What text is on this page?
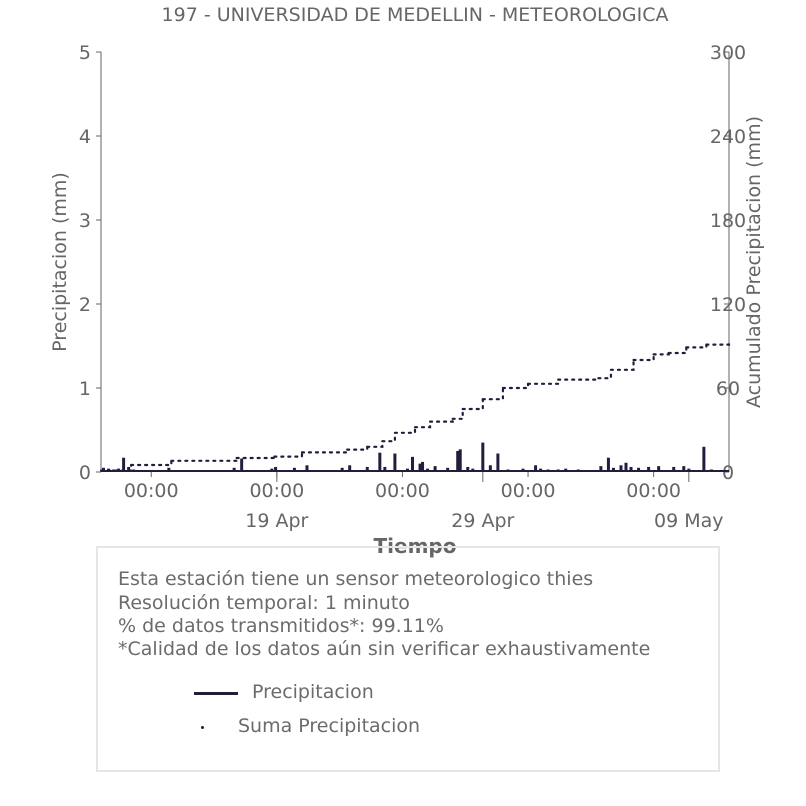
197 - UNIVERSIDAD DE MEDELLIN - METEOROLOGICA
Precipitacion (mm)	Acumulado Precipitacion (mm)
Tiempo
0
1
2
3
4
5
0
60
120
180
240
300
00:00	00:00	00:00	00:00	00:00
19 Apr	29 Apr	09 May
Esta estación tiene un sensor meteorologico thies
Resolución temporal: 1 minuto
% de datos transmitidos*: 99.11%
*Calidad de los datos aún sin verificar exhaustivamente
Precipitacion
Suma Precipitacion
